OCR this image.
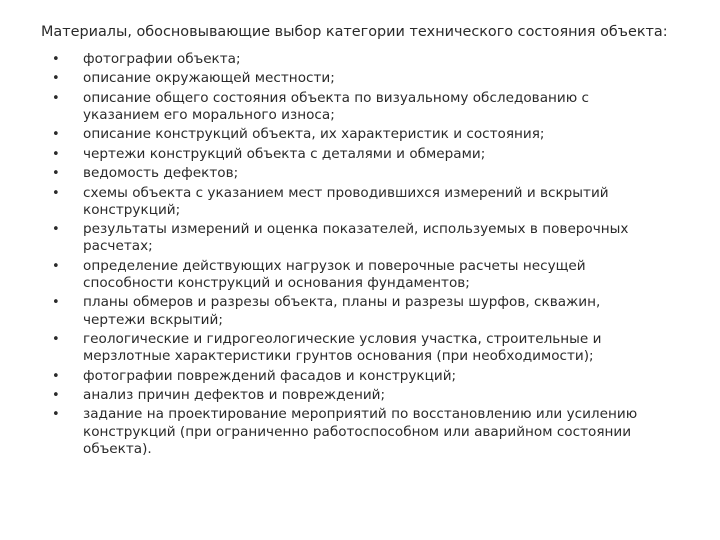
Материалы, обосновывающие выбор категории технического состояния объекта:
•	фотографии объекта;
•	описание окружающей местности;
•	описание общего состояния объекта по визуальному обследованию с
указанием его морального износа;
•	описание конструкций объекта, их характеристик и состояния;
•	чертежи конструкций объекта с деталями и обмерами;
•	ведомость дефектов;
•	схемы объекта с указанием мест проводившихся измерений и вскрытий
конструкций;
•	результаты измерений и оценка показателей, используемых в поверочных
расчетах;
•	определение действующих нагрузок и поверочные расчеты несущей
способности конструкций и основания фундаментов;
•	планы обмеров и разрезы объекта, планы и разрезы шурфов, скважин,
чертежи вскрытий;
•	геологические и гидрогеологические условия участка, строительные и
мерзлотные характеристики грунтов основания (при необходимости);
•	фотографии повреждений фасадов и конструкций;
•	анализ причин дефектов и повреждений;
•	задание на проектирование мероприятий по восстановлению или усилению
конструкций (при ограниченно работоспособном или аварийном состоянии
объекта).
